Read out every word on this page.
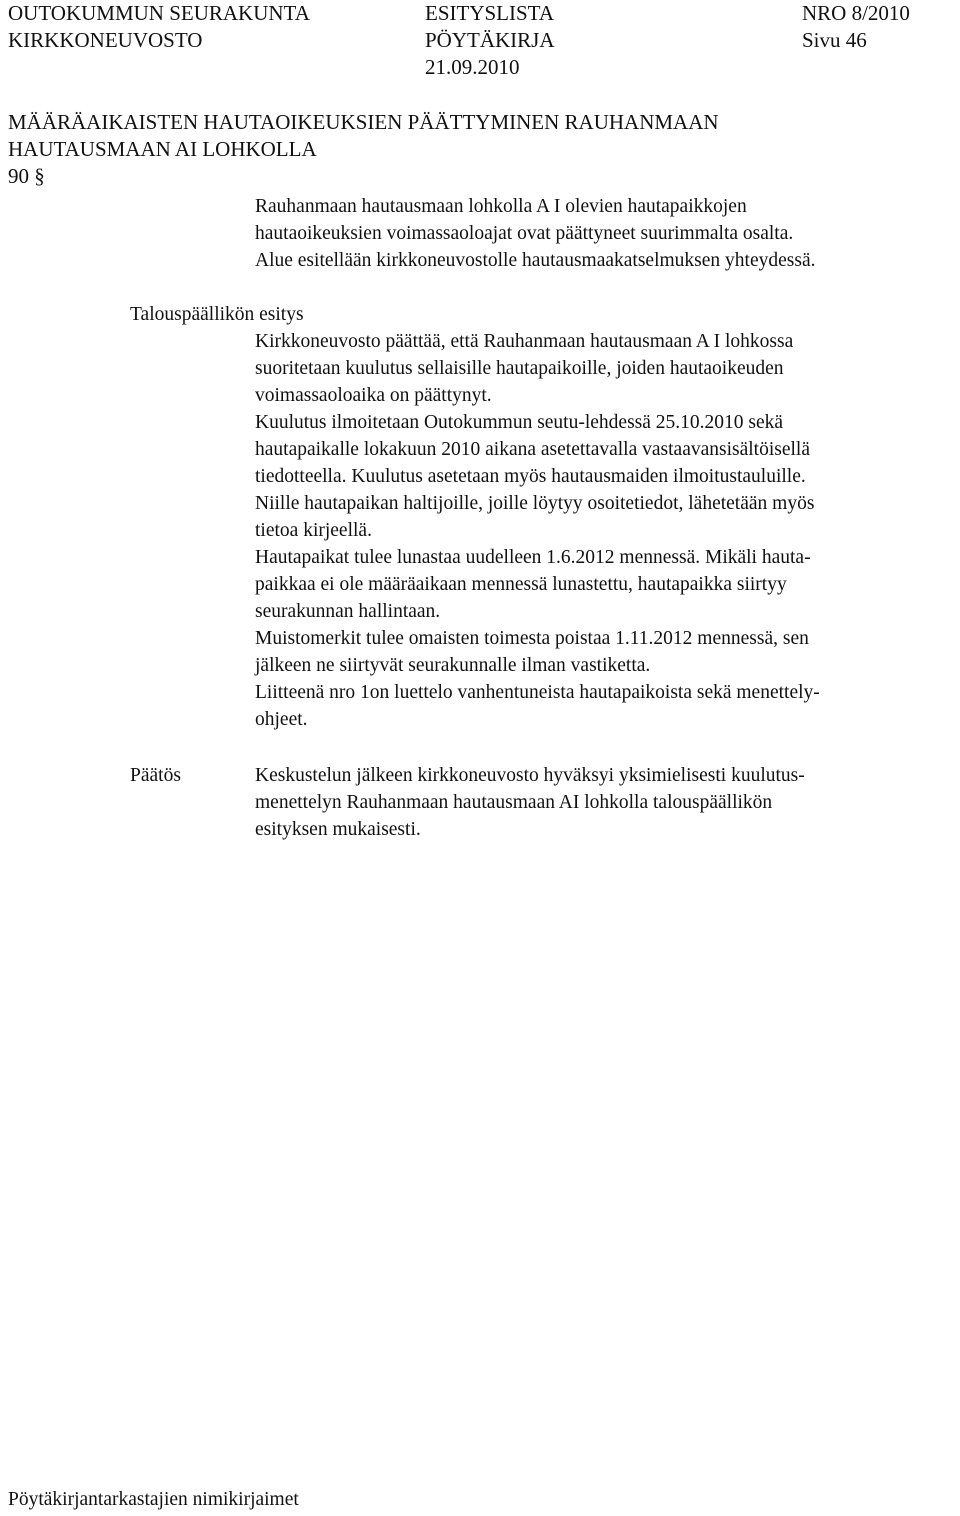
OUTOKUMMUN SEURAKUNTA
KIRKKONEUVOSTO
ESITYSLISTA
PÖYTÄKIRJA
21.09.2010
NRO 8/2010
Sivu 46
MÄÄRÄAIKAISTEN HAUTAOIKEUKSIEN PÄÄTTYMINEN RAUHANMAAN
HAUTAUSMAAN AI LOHKOLLA
90 §
Rauhanmaan hautausmaan lohkolla A I olevien hautapaikkojen
hautaoikeuksien voimassaoloajat ovat päättyneet suurimmalta osalta.
Alue esitellään kirkkoneuvostolle hautausmaakatselmuksen yhteydessä.
Talouspäällikön esitys
Kirkkoneuvosto päättää, että Rauhanmaan hautausmaan A I lohkossa
suoritetaan kuulutus sellaisille hautapaikoille, joiden hautaoikeuden
voimassaoloaika on päättynyt.
Kuulutus ilmoitetaan Outokummun seutu-lehdessä 25.10.2010 sekä
hautapaikalle lokakuun 2010 aikana asetettavalla vastaavansisältöisellä
tiedotteella. Kuulutus asetetaan myös hautausmaiden ilmoitustauluille.
Niille hautapaikan haltijoille, joille löytyy osoitetiedot, lähetetään myös
tietoa kirjeellä.
Hautapaikat tulee lunastaa uudelleen 1.6.2012 mennessä. Mikäli hauta-
paikkaa ei ole määräaikaan mennessä lunastettu, hautapaikka siirtyy
seurakunnan hallintaan.
Muistomerkit tulee omaisten toimesta poistaa 1.11.2012 mennessä, sen
jälkeen ne siirtyvät seurakunnalle ilman vastiketta.
Liitteenä nro 1on luettelo vanhentuneista hautapaikoista sekä menettely-
ohjeet.
Päätös	Keskustelun jälkeen kirkkoneuvosto hyväksyi yksimielisesti kuulutus-
menettelyn Rauhanmaan hautausmaan AI lohkolla talouspäällikön
esityksen mukaisesti.
Pöytäkirjantarkastajien nimikirjaimet
